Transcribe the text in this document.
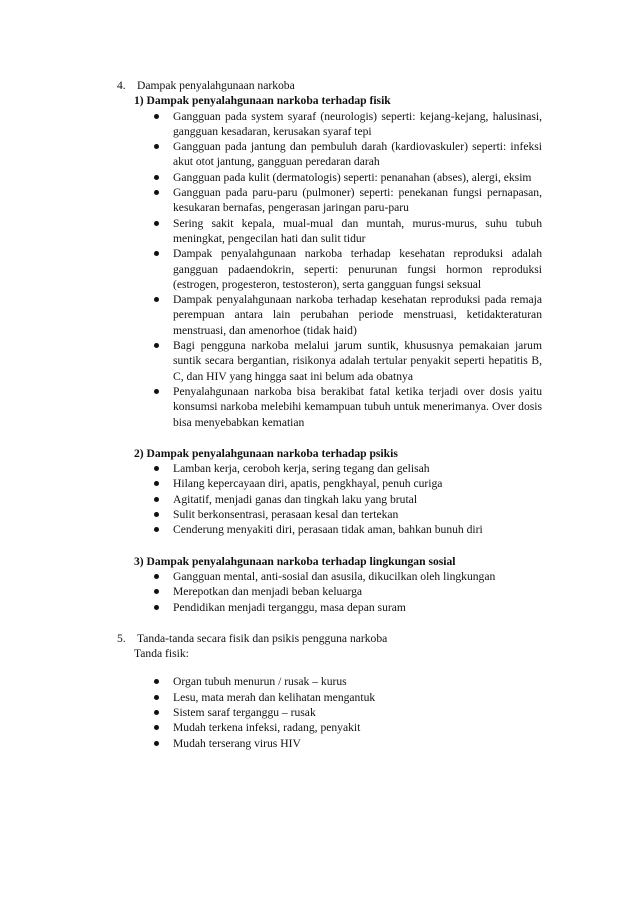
4. Dampak penyalahgunaan narkoba
1) Dampak penyalahgunaan narkoba terhadap fisik
Gangguan pada system syaraf (neurologis) seperti: kejang-kejang, halusinasi, gangguan kesadaran, kerusakan syaraf tepi
Gangguan pada jantung dan pembuluh darah (kardiovaskuler) seperti: infeksi akut otot jantung, gangguan peredaran darah
Gangguan pada kulit (dermatologis) seperti: penanahan (abses), alergi, eksim
Gangguan pada paru-paru (pulmoner) seperti: penekanan fungsi pernapasan, kesukaran bernafas, pengerasan jaringan paru-paru
Sering sakit kepala, mual-mual dan muntah, murus-murus, suhu tubuh meningkat, pengecilan hati dan sulit tidur
Dampak penyalahgunaan narkoba terhadap kesehatan reproduksi adalah gangguan padaendokrin, seperti: penurunan fungsi hormon reproduksi (estrogen, progesteron, testosteron), serta gangguan fungsi seksual
Dampak penyalahgunaan narkoba terhadap kesehatan reproduksi pada remaja perempuan antara lain perubahan periode menstruasi, ketidakteraturan menstruasi, dan amenorhoe (tidak haid)
Bagi pengguna narkoba melalui jarum suntik, khususnya pemakaian jarum suntik secara bergantian, risikonya adalah tertular penyakit seperti hepatitis B, C, dan HIV yang hingga saat ini belum ada obatnya
Penyalahgunaan narkoba bisa berakibat fatal ketika terjadi over dosis yaitu konsumsi narkoba melebihi kemampuan tubuh untuk menerimanya. Over dosis bisa menyebabkan kematian
2) Dampak penyalahgunaan narkoba terhadap psikis
Lamban kerja, ceroboh kerja, sering tegang dan gelisah
Hilang kepercayaan diri, apatis, pengkhayal, penuh curiga
Agitatif, menjadi ganas dan tingkah laku yang brutal
Sulit berkonsentrasi, perasaan kesal dan tertekan
Cenderung menyakiti diri, perasaan tidak aman, bahkan bunuh diri
3) Dampak penyalahgunaan narkoba terhadap lingkungan sosial
Gangguan mental, anti-sosial dan asusila, dikucilkan oleh lingkungan
Merepotkan dan menjadi beban keluarga
Pendidikan menjadi terganggu, masa depan suram
5. Tanda-tanda secara fisik dan psikis pengguna narkoba
Tanda fisik:
Organ tubuh menurun / rusak – kurus
Lesu, mata merah dan kelihatan mengantuk
Sistem saraf terganggu – rusak
Mudah terkena infeksi, radang, penyakit
Mudah terserang virus HIV
